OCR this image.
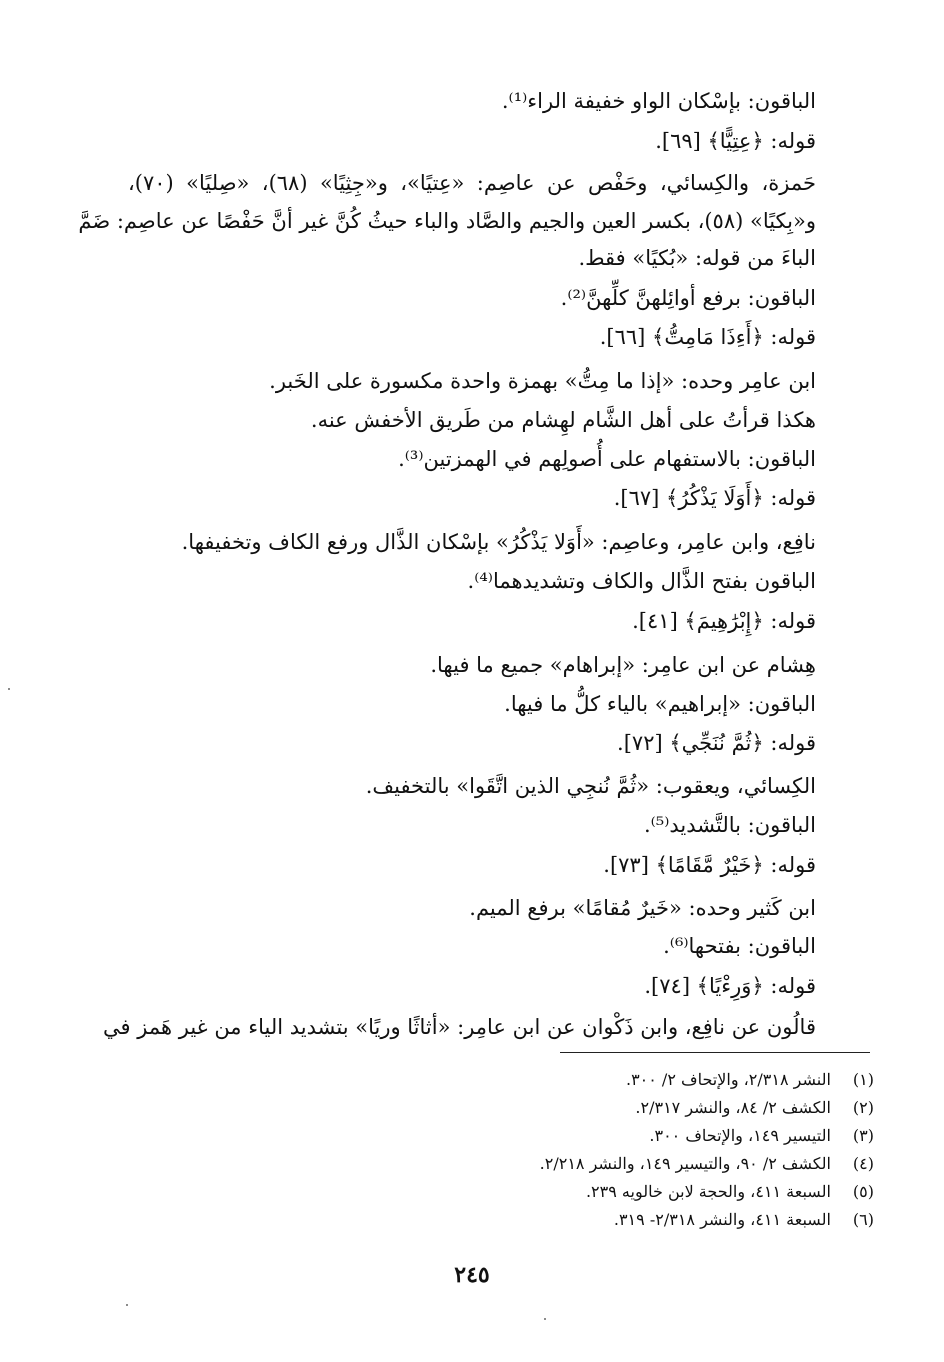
الباقون: بإسْكان الواو خفيفة الراء⁽¹⁾.
قوله: ﴿عِتِيًّا﴾ [٦٩].
حَمزة، والكِسائي، وحَفْص عن عاصِم: «عِتيًا»، و«جِثِيًا» (٦٨)، «صِليًا» (٧٠)،
و«بِكيًا» (٥٨)، بكسر العين والجيم والصَّاد والباء حيثُ كُنَّ غير أنَّ حَفْصًا عن عاصِم: ضَمَّ
الباءَ من قوله: «بُكيًا» فقط.
الباقون: برفع أوائِلهنَّ كلِّهنَّ⁽²⁾.
قوله: ﴿أَءِذَا مَامِتُّ﴾ [٦٦].
ابن عامِر وحده: «إذا ما مِتُّ» بهمزة واحدة مكسورة على الخَبر.
هكذا قرأتُ على أهل الشَّام لهِشام من طَريق الأخفش عنه.
الباقون: بالاستفهام على أُصولِهم في الهمزتين⁽³⁾.
قوله: ﴿أَوَلَا يَذْكُرُ﴾ [٦٧].
نافِع، وابن عامِر، وعاصِم: «أَوَلا يَذْكُرُ» بإسْكان الذَّال ورفع الكاف وتخفيفها.
الباقون بفتح الذَّال والكاف وتشديدهما⁽⁴⁾.
قوله: ﴿إِبْرَٰهِيمَ﴾ [٤١].
هِشام عن ابن عامِر: «إبراهام» جميع ما فيها.
الباقون: «إبراهيم» بالياء كلُّ ما فيها.
قوله: ﴿ثُمَّ نُنَجِّي﴾ [٧٢].
الكِسائي، ويعقوب: «ثُمَّ نُنجِي الذين اتَّقَوا» بالتخفيف.
الباقون: بالتَّشديد⁽⁵⁾.
قوله: ﴿خَيْرٌ مَّقَامًا﴾ [٧٣].
ابن كَثير وحده: «خَيرٌ مُقامًا» برفع الميم.
الباقون: بفتحها⁽⁶⁾.
قوله: ﴿وَرِءْيًا﴾ [٧٤].
قالُون عن نافِع، وابن ذَكْوان عن ابن عامِر: «أثاثًا وريًا» بتشديد الياء من غير هَمز في
(١) النشر ٢/٣١٨، والإتحاف ٢/ ٣٠٠.
(٢) الكشف ٢/ ٨٤، والنشر ٢/٣١٧.
(٣) التيسير ١٤٩، والإتحاف ٣٠٠.
(٤) الكشف ٢/ ٩٠، والتيسير ١٤٩، والنشر ٢/٢١٨.
(٥) السبعة ٤١١، والحجة لابن خالويه ٢٣٩.
(٦) السبعة ٤١١، والنشر ٢/٣١٨- ٣١٩.
٢٤٥
